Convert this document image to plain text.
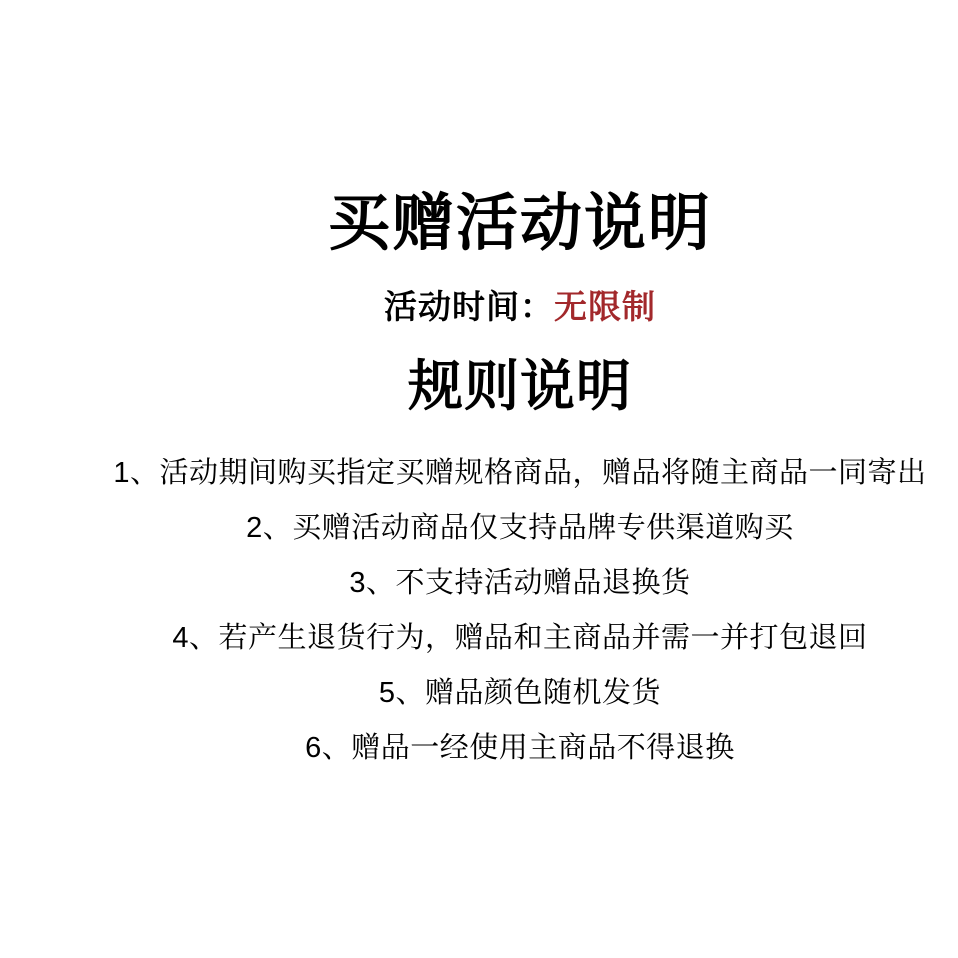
买赠活动说明
活动时间：无限制
规则说明

1、活动期间购买指定买赠规格商品，赠品将随主商品一同寄出

2、买赠活动商品仅支持品牌专供渠道购买

3、不支持活动赠品退换货

4、若产生退货行为，赠品和主商品并需一并打包退回

5、赠品颜色随机发货

6、赠品一经使用主商品不得退换
